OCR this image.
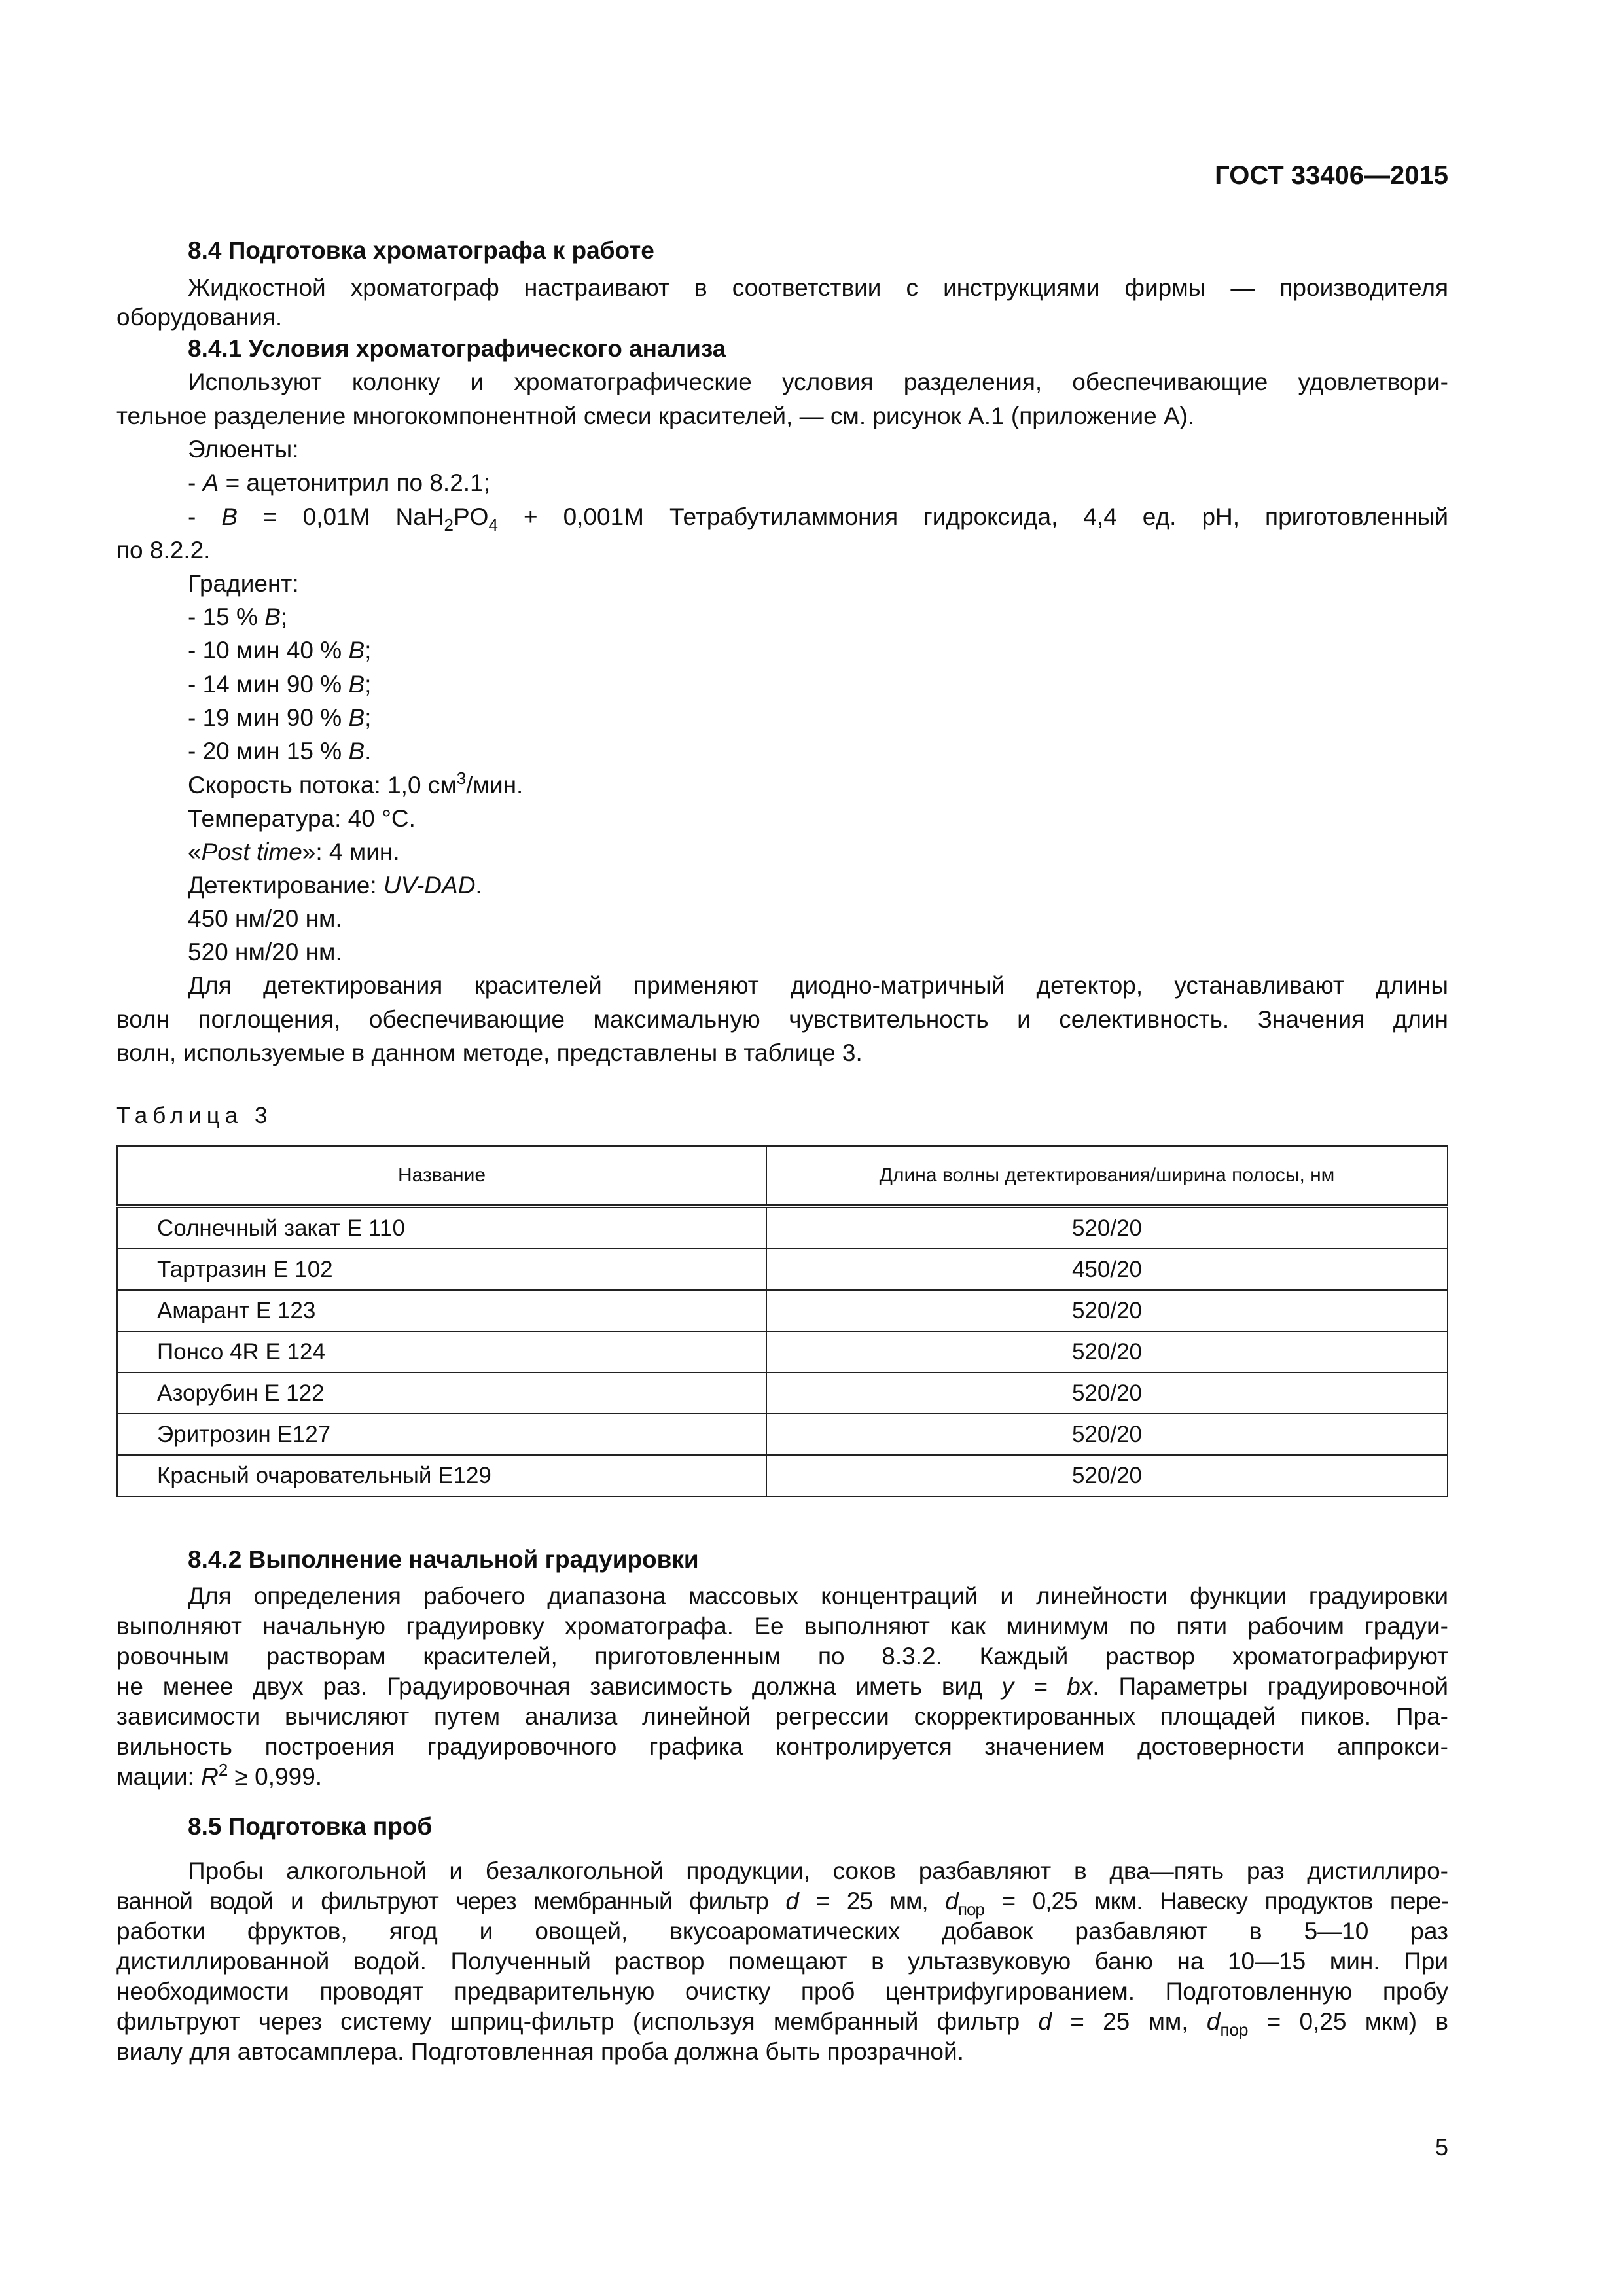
ГОСТ 33406—2015
8.4 Подготовка хроматографа к работе
Жидкостной хроматограф настраивают в соответствии с инструкциями фирмы — производителя
оборудования.
8.4.1 Условия хроматографического анализа
Используют колонку и хроматографические условия разделения, обеспечивающие удовлетвори-
тельное разделение многокомпонентной смеси красителей, — см. рисунок А.1 (приложение А).
Элюенты:
- A = ацетонитрил по 8.2.1;
- B = 0,01M $NaH_2PO_4 + 0,001M$ Тетрабутиламмония гидроксида, 4,4 ед. pH, приготовленный
по 8.2.2.
Градиент:
- 15 % B;
- 10 мин 40 % B;
- 14 мин 90 % B;
- 19 мин 90 % B;
- 20 мин 15 % B.
Скорость потока: 1,0 $см^3$/мин.
Температура: 40 °С.
«Post time»: 4 мин.
Детектирование: UV-DAD.
450 нм/20 нм.
520 нм/20 нм.
Для детектирования красителей применяют диодно-матричный детектор, устанавливают длины
волн поглощения, обеспечивающие максимальную чувствительность и селективность. Значения длин
волн, используемые в данном методе, представлены в таблице 3.
Таблица 3
Название	Длина волны детектирования/ширина полосы, нм
Солнечный закат Е 110	520/20
Тартразин Е 102	450/20
Амарант Е 123	520/20
Понсо 4R Е 124	520/20
Азорубин Е 122	520/20
Эритрозин Е127	520/20
Красный очаровательный Е129	520/20
8.4.2 Выполнение начальной градуировки
Для определения рабочего диапазона массовых концентраций и линейности функции градуировки
выполняют начальную градуировку хроматографа. Ее выполняют как минимум по пяти рабочим градуи-
ровочным растворам красителей, приготовленным по 8.3.2. Каждый раствор хроматографируют
не менее двух раз. Градуировочная зависимость должна иметь вид y = bx. Параметры градуировочной
зависимости вычисляют путем анализа линейной регрессии скорректированных площадей пиков. Пра-
вильность построения градуировочного графика контролируется значением достоверности аппрокси-
мации: $R^2 \ge 0,999$.
8.5 Подготовка проб
Пробы алкогольной и безалкогольной продукции, соков разбавляют в два—пять раз дистиллиро-
ванной водой и фильтруют через мембранный фильтр d = 25 мм, $d_{пор} = 0,25$ мкм. Навеску продуктов пере-
работки фруктов, ягод и овощей, вкусоароматических добавок разбавляют в 5—10 раз
дистиллированной водой. Полученный раствор помещают в ультазвуковую баню на 10—15 мин. При
необходимости проводят предварительную очистку проб центрифугированием. Подготовленную пробу
фильтруют через систему шприц-фильтр (используя мембранный фильтр d = 25 мм, $d_{пор} = 0,25$ мкм) в
виалу для автосамплера. Подготовленная проба должна быть прозрачной.
5
